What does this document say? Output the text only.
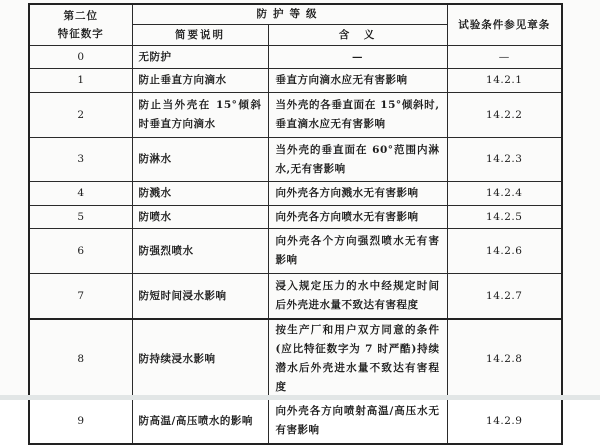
第二位
特征数字	防护等级		试验条件参见章条
	简要说明	含　义	
0	无防护	—	—
1	防止垂直方向滴水	垂直方向滴水应无有害影响	14.2.1
2	防止当外壳在 15°倾斜时垂直方向滴水	当外壳的各垂直面在 15°倾斜时,垂直滴水应无有害影响	14.2.2
3	防淋水	当外壳的垂直面在 60°范围内淋水,无有害影响	14.2.3
4	防溅水	向外壳各方向溅水无有害影响	14.2.4
5	防喷水	向外壳各方向喷水无有害影响	14.2.5
6	防强烈喷水	向外壳各个方向强烈喷水无有害影响	14.2.6
7	防短时间浸水影响	浸入规定压力的水中经规定时间后外壳进水量不致达有害程度	14.2.7
8	防持续浸水影响	按生产厂和用户双方同意的条件(应比特征数字为 7 时严酷)持续潜水后外壳进水量不致达有害程度	14.2.8
9	防高温/高压喷水的影响	向外壳各方向喷射高温/高压水无有害影响	14.2.9
